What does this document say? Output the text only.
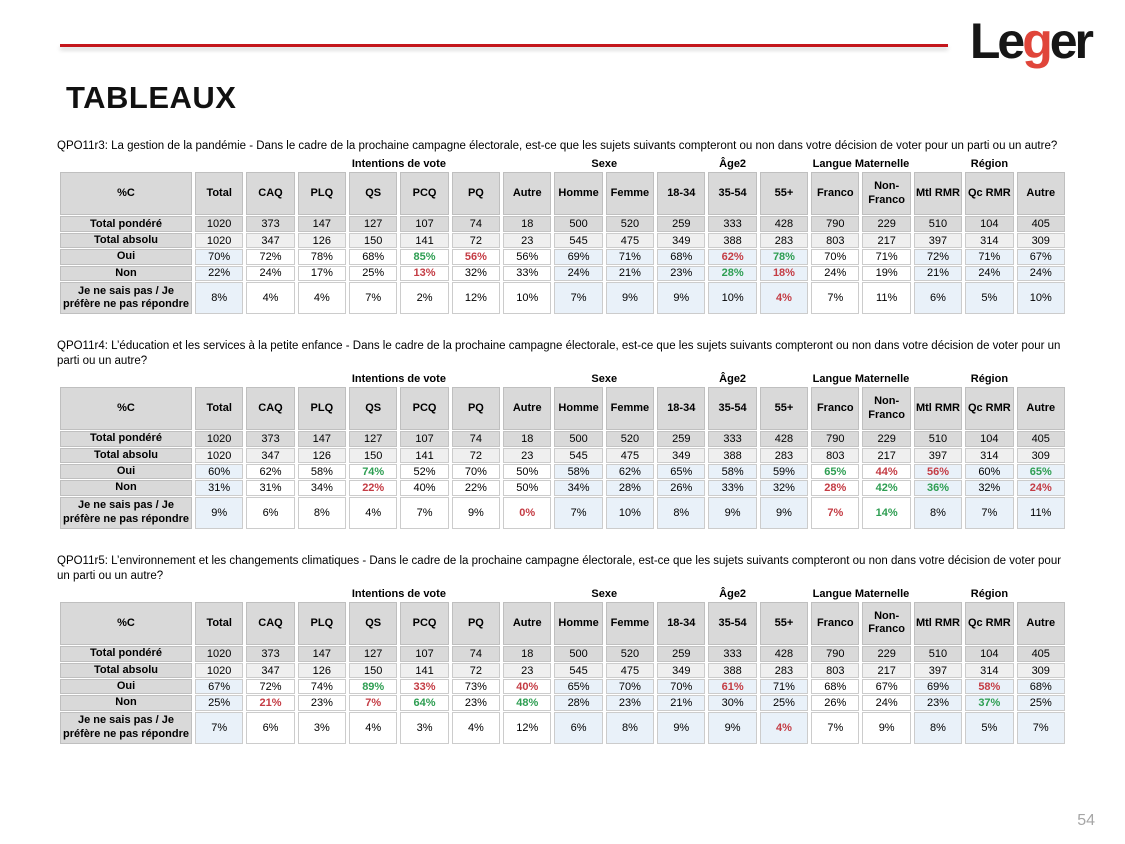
Leger
TABLEAUX

QPO11r3: La gestion de la pandémie - Dans le cadre de la prochaine campagne électorale, est-ce que les sujets suivants compteront ou non dans votre décision de voter pour un parti ou un autre?

		Intentions de vote						Sexe		Âge2			Langue Maternelle		Région		
%C	Total	CAQ	PLQ	QS	PCQ	PQ	Autre	Homme	Femme	18-34	35-54	55+	Franco	Non-Franco	Mtl RMR	Qc RMR	Autre
Total pondéré	1020	373	147	127	107	74	18	500	520	259	333	428	790	229	510	104	405
Total absolu	1020	347	126	150	141	72	23	545	475	349	388	283	803	217	397	314	309
Oui	70%	72%	78%	68%	85%	56%	56%	69%	71%	68%	62%	78%	70%	71%	72%	71%	67%
Non	22%	24%	17%	25%	13%	32%	33%	24%	21%	23%	28%	18%	24%	19%	21%	24%	24%
Je ne sais pas / Je préfère ne pas répondre	8%	4%	4%	7%	2%	12%	10%	7%	9%	9%	10%	4%	7%	11%	6%	5%	10%

QPO11r4: L’éducation et les services à la petite enfance - Dans le cadre de la prochaine campagne électorale, est-ce que les sujets suivants compteront ou non dans votre décision de voter pour un parti ou un autre?

		Intentions de vote						Sexe		Âge2			Langue Maternelle		Région		
%C	Total	CAQ	PLQ	QS	PCQ	PQ	Autre	Homme	Femme	18-34	35-54	55+	Franco	Non-Franco	Mtl RMR	Qc RMR	Autre
Total pondéré	1020	373	147	127	107	74	18	500	520	259	333	428	790	229	510	104	405
Total absolu	1020	347	126	150	141	72	23	545	475	349	388	283	803	217	397	314	309
Oui	60%	62%	58%	74%	52%	70%	50%	58%	62%	65%	58%	59%	65%	44%	56%	60%	65%
Non	31%	31%	34%	22%	40%	22%	50%	34%	28%	26%	33%	32%	28%	42%	36%	32%	24%
Je ne sais pas / Je préfère ne pas répondre	9%	6%	8%	4%	7%	9%	0%	7%	10%	8%	9%	9%	7%	14%	8%	7%	11%

QPO11r5: L’environnement et les changements climatiques - Dans le cadre de la prochaine campagne électorale, est-ce que les sujets suivants compteront ou non dans votre décision de voter pour un parti ou un autre?

		Intentions de vote						Sexe		Âge2			Langue Maternelle		Région		
%C	Total	CAQ	PLQ	QS	PCQ	PQ	Autre	Homme	Femme	18-34	35-54	55+	Franco	Non-Franco	Mtl RMR	Qc RMR	Autre
Total pondéré	1020	373	147	127	107	74	18	500	520	259	333	428	790	229	510	104	405
Total absolu	1020	347	126	150	141	72	23	545	475	349	388	283	803	217	397	314	309
Oui	67%	72%	74%	89%	33%	73%	40%	65%	70%	70%	61%	71%	68%	67%	69%	58%	68%
Non	25%	21%	23%	7%	64%	23%	48%	28%	23%	21%	30%	25%	26%	24%	23%	37%	25%
Je ne sais pas / Je préfère ne pas répondre	7%	6%	3%	4%	3%	4%	12%	6%	8%	9%	9%	4%	7%	9%	8%	5%	7%
54
